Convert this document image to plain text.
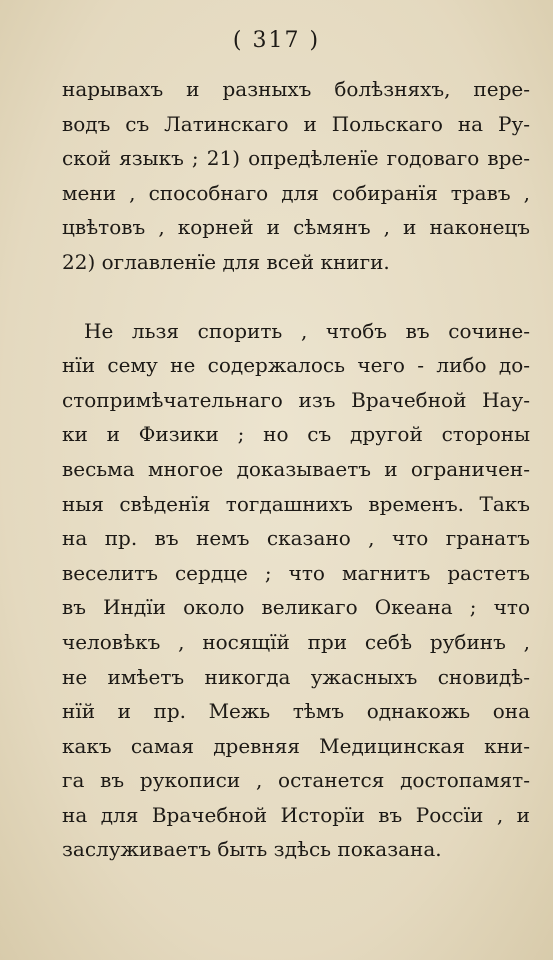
( 317 )
нарывахъ и разныхъ болѣзняхъ, пере-
водъ съ Латинскаго и Польскаго на Ру-
ской языкъ ; 21) опредѣленїе годоваго вре-
мени , способнаго для собиранїя травъ ,
цвѣтовъ , корней и сѣмянъ , и наконецъ
22) оглавленїе для всей книги.
Не льзя спорить , чтобъ въ сочине-
нїи сему не содержалось чего - либо до-
стопримѣчательнаго изъ Врачебной Нау-
ки и Физики ; но съ другой стороны
весьма многое доказываетъ и ограничен-
ныя свѣденїя тогдашнихъ временъ. Такъ
на пр. въ немъ сказано , что гранатъ
веселитъ сердце ; что магнитъ растетъ
въ Индїи около великаго Океана ; что
человѣкъ , носящїй при себѣ рубинъ ,
не имѣетъ никогда ужасныхъ сновидѣ-
нїй и пр. Межь тѣмъ однакожь она
какъ самая древняя Медицинская кни-
га въ рукописи , останется достопамят-
на для Врачебной Исторїи въ Россїи , и
заслуживаетъ быть здѣсь показана.
